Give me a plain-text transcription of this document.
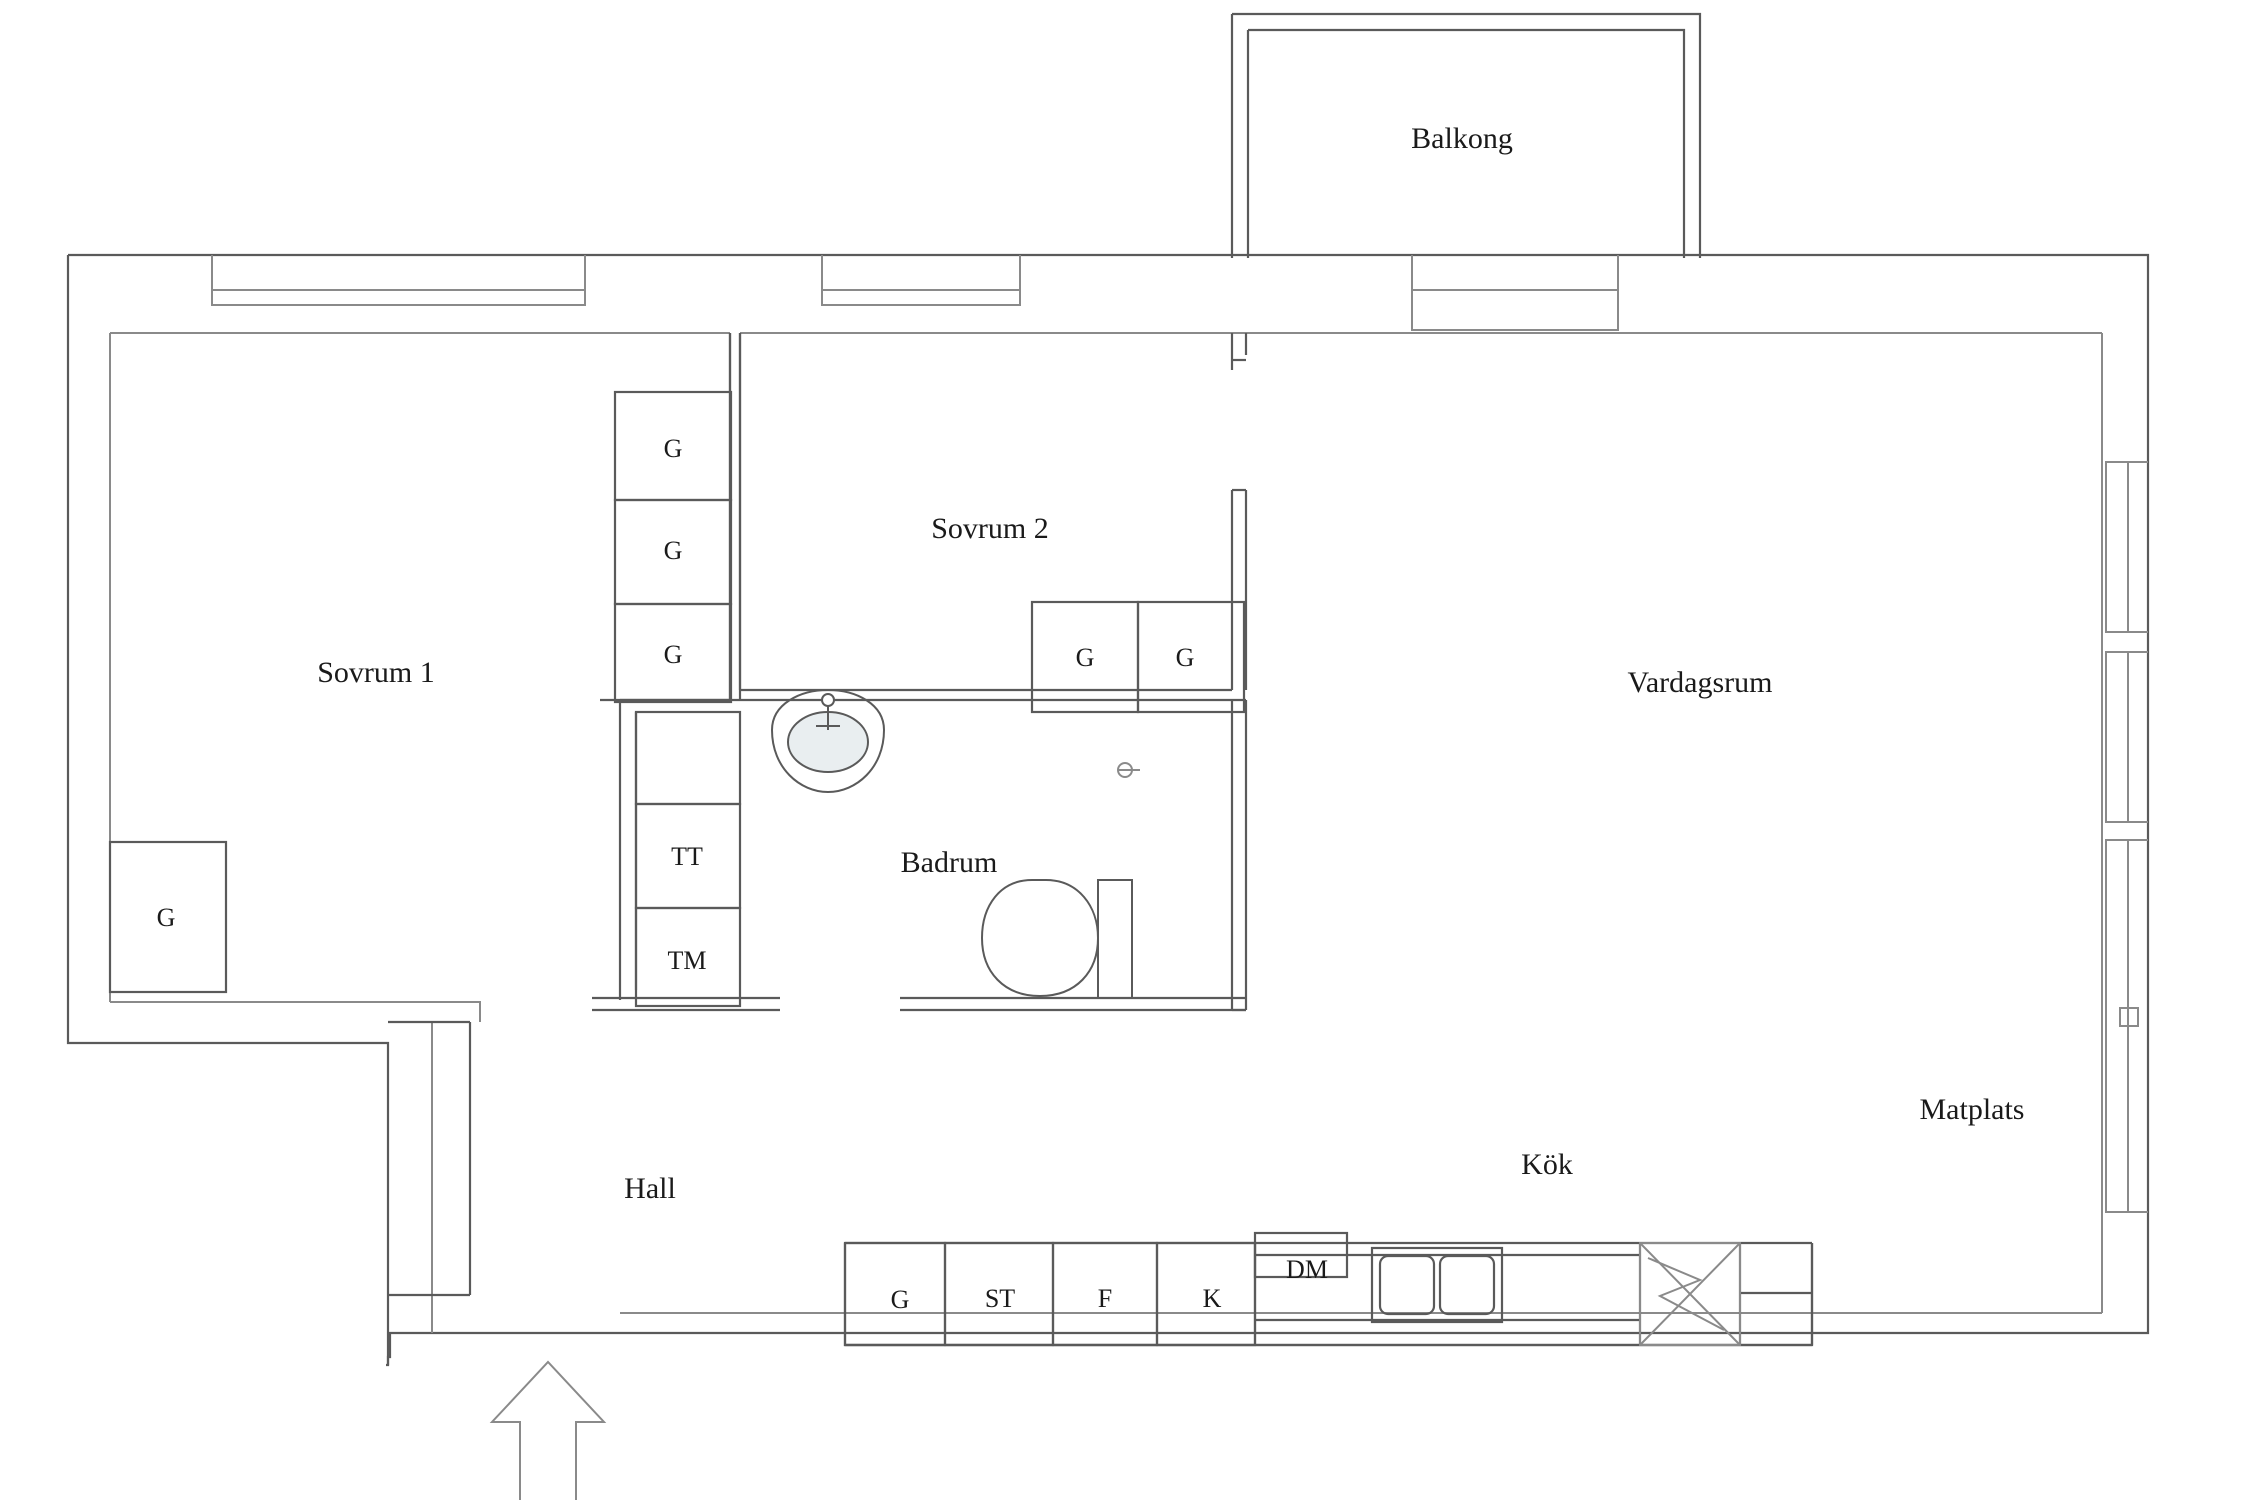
Balkong
Sovrum 1
Sovrum 2
Badrum
Vardagsrum
Matplats
Kök
Hall
G
G
G
G
G	G
TT
TM
G	ST	F	K
DM
